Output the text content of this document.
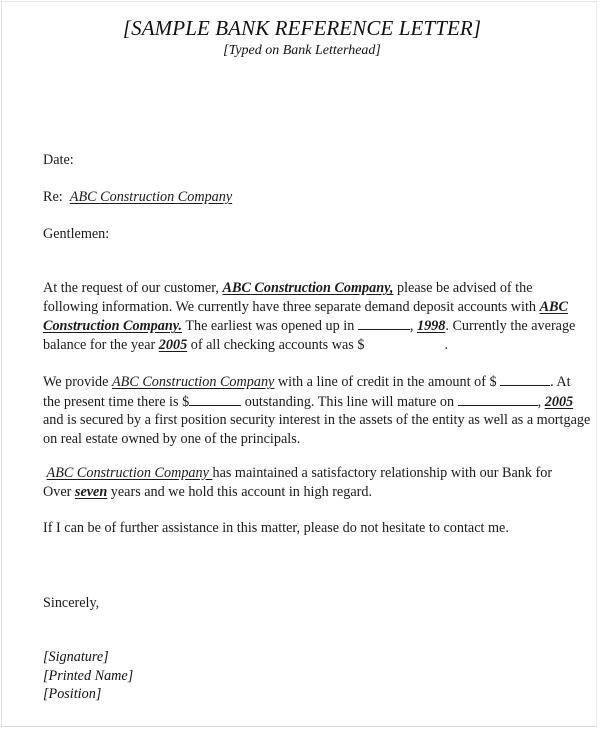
[SAMPLE BANK REFERENCE LETTER]
[Typed on Bank Letterhead]
Date:
Re: ABC Construction Company
Gentlemen:
At the request of our customer, ABC Construction Company, please be advised of the
following information. We currently have three separate demand deposit accounts with ABC
Construction Company. The earliest was opened up in	, 1998. Currently the average
balance for the year 2005 of all checking accounts was $	.
We provide ABC Construction Company with a line of credit in the amount of $	. At
the present time there is $	outstanding. This line will mature on	, 2005
and is secured by a first position security interest in the assets of the entity as well as a mortgage
on real estate owned by one of the principals.
ABC Construction Company has maintained a satisfactory relationship with our Bank for
Over seven years and we hold this account in high regard.
If I can be of further assistance in this matter, please do not hesitate to contact me.
Sincerely,
[Signature]
[Printed Name]
[Position]
